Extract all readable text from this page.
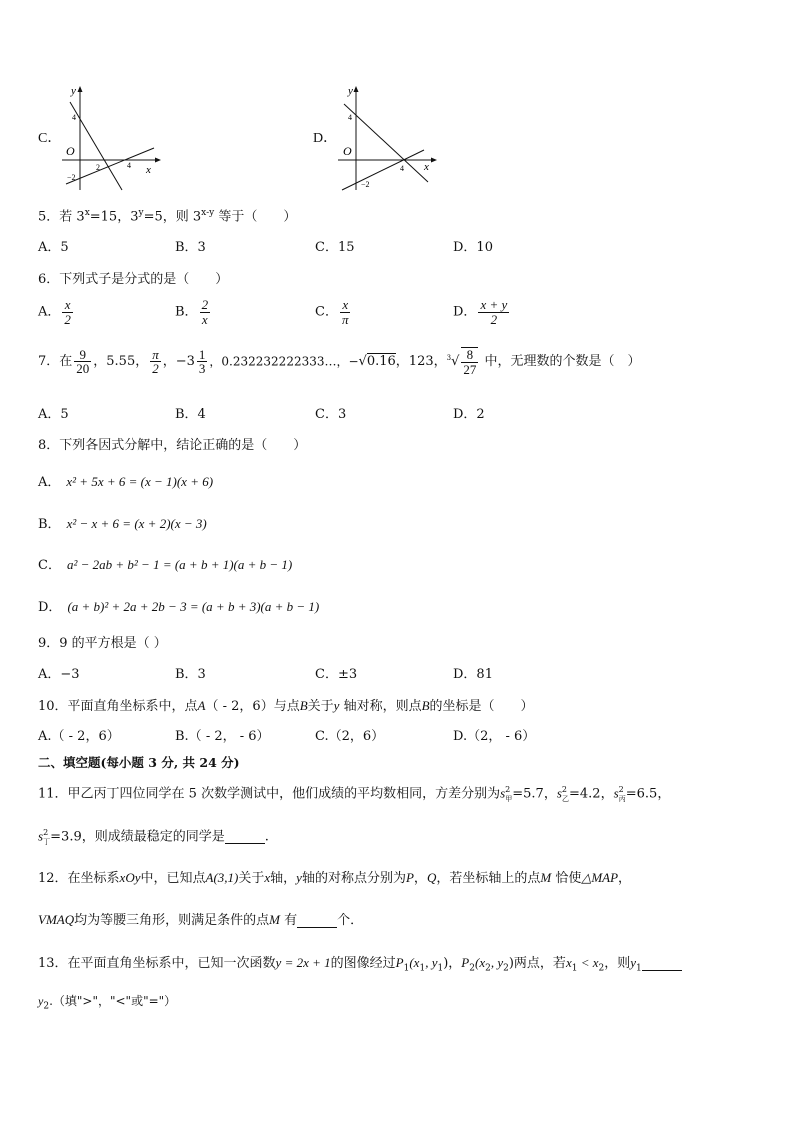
C．
y
x
O
4
2	4
−2
D．
y
x
O
4
4
−2
5．若 $3^x=15$，$3^y=5$，则 3$^{x-y}$ 等于（　　）
A．5	B．3	C．15	D．10
6．下列式子是分式的是（　　）
A． $\frac{x}{2}$	B． $\frac{2}{x}$	C． $\frac{x}{\pi}$	D． $\frac{x + y}{2}$
7．在 $\frac{9}{20}$ ，5.55， $\frac{\pi}{2}$ ，$-3 \frac{1}{3}$ ，0.232232222333…，−√0.16，123，$^3√ \frac{8}{27}$ 中，无理数的个数是（　）
A．5	B．4	C．3	D．2
8．下列各因式分解中，结论正确的是（　　）
A． x² + 5x + 6 = (x − 1)(x + 6)
B． x² − x + 6 = (x + 2)(x − 3)
C． a² − 2ab + b² − 1 = (a + b + 1)(a + b − 1)
D． (a + b)² + 2a + 2b − 3 = (a + b + 3)(a + b − 1)
9．9 的平方根是（ ）
A．−3	B．3	C．±3	D．81
10．平面直角坐标系中，点A（ - 2，6）与点B关于y 轴对称，则点B的坐标是（　　）
A.（ - 2，6）	B.（ - 2， - 6）	C.（2，6）	D.（2， - 6）
二、填空题(每小题 3 分, 共 24 分)
11．甲乙丙丁四位同学在 5 次数学测试中，他们成绩的平均数相同，方差分别为$s^2_甲=5.7$，$s^2_乙=4.2$，$s^2_丙=6.5$，
$s^2_丁=3.9$，则成绩最稳定的同学是	.
12．在坐标系xOy中，已知点A(3,1)关于x轴，y轴的对称点分别为P，Q，若坐标轴上的点M 恰使△MAP，
VMAQ均为等腰三角形，则满足条件的点M 有	个．
13．在平面直角坐标系中，已知一次函数y = 2x + 1的图像经过$P_1(x_1$, $y_1$)，$P_2(x_2$, $y_2$)两点，若$x_1 < x_2$，则$y_1$
$y_2$.（填">"，"<"或"="）
